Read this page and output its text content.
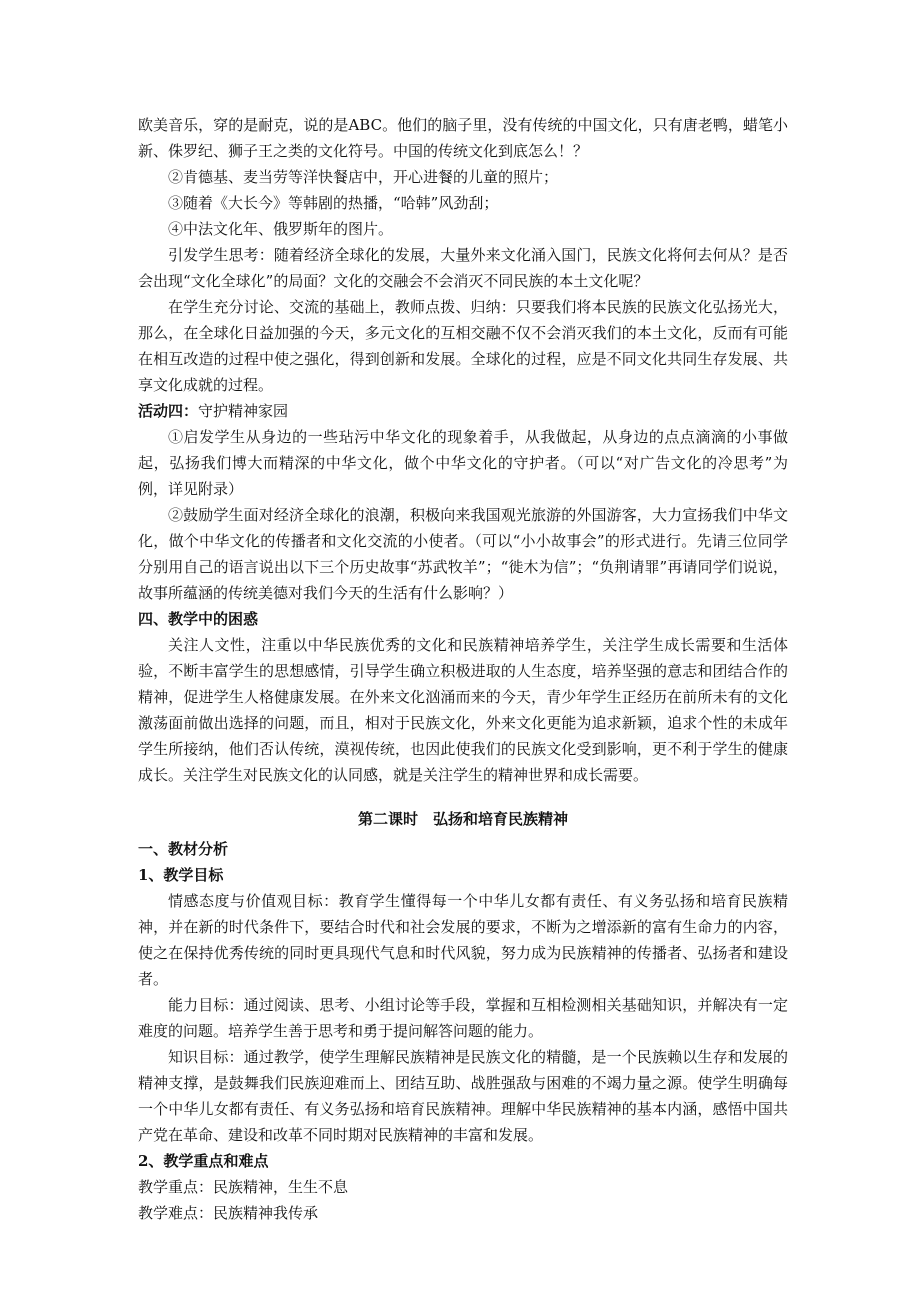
欧美音乐，穿的是耐克，说的是ABC。他们的脑子里，没有传统的中国文化，只有唐老鸭，蜡笔小新、侏罗纪、狮子王之类的文化符号。中国的传统文化到底怎么！？

②肯德基、麦当劳等洋快餐店中，开心进餐的儿童的照片；

③随着《大长今》等韩剧的热播，“哈韩”风劲刮；

④中法文化年、俄罗斯年的图片。

引发学生思考：随着经济全球化的发展，大量外来文化涌入国门，民族文化将何去何从？是否会出现“文化全球化”的局面？文化的交融会不会消灭不同民族的本土文化呢？

在学生充分讨论、交流的基础上，教师点拨、归纳：只要我们将本民族的民族文化弘扬光大，那么，在全球化日益加强的今天，多元文化的互相交融不仅不会消灭我们的本土文化，反而有可能在相互改造的过程中使之强化，得到创新和发展。全球化的过程，应是不同文化共同生存发展、共享文化成就的过程。

活动四：守护精神家园

①启发学生从身边的一些玷污中华文化的现象着手，从我做起，从身边的点点滴滴的小事做起，弘扬我们博大而精深的中华文化，做个中华文化的守护者。（可以“对广告文化的冷思考”为例，详见附录）

②鼓励学生面对经济全球化的浪潮，积极向来我国观光旅游的外国游客，大力宣扬我们中华文化，做个中华文化的传播者和文化交流的小使者。（可以“小小故事会”的形式进行。先请三位同学分别用自己的语言说出以下三个历史故事“苏武牧羊”；“徙木为信”；“负荆请罪”再请同学们说说，故事所蕴涵的传统美德对我们今天的生活有什么影响？）

四、教学中的困惑

关注人文性，注重以中华民族优秀的文化和民族精神培养学生，关注学生成长需要和生活体验，不断丰富学生的思想感情，引导学生确立积极进取的人生态度，培养坚强的意志和团结合作的精神，促进学生人格健康发展。在外来文化汹涌而来的今天，青少年学生正经历在前所未有的文化激荡面前做出选择的问题，而且，相对于民族文化，外来文化更能为追求新颖，追求个性的未成年学生所接纳，他们否认传统，漠视传统，也因此使我们的民族文化受到影响，更不利于学生的健康成长。关注学生对民族文化的认同感，就是关注学生的精神世界和成长需要。

第二课时　弘扬和培育民族精神

一、教材分析

1、教学目标

情感态度与价值观目标：教育学生懂得每一个中华儿女都有责任、有义务弘扬和培育民族精神，并在新的时代条件下，要结合时代和社会发展的要求，不断为之增添新的富有生命力的内容，使之在保持优秀传统的同时更具现代气息和时代风貌，努力成为民族精神的传播者、弘扬者和建设者。

能力目标：通过阅读、思考、小组讨论等手段，掌握和互相检测相关基础知识，并解决有一定难度的问题。培养学生善于思考和勇于提问解答问题的能力。

知识目标：通过教学，使学生理解民族精神是民族文化的精髓，是一个民族赖以生存和发展的精神支撑，是鼓舞我们民族迎难而上、团结互助、战胜强敌与困难的不竭力量之源。使学生明确每一个中华儿女都有责任、有义务弘扬和培育民族精神。理解中华民族精神的基本内涵，感悟中国共产党在革命、建设和改革不同时期对民族精神的丰富和发展。

2、教学重点和难点

教学重点：民族精神，生生不息

教学难点：民族精神我传承
